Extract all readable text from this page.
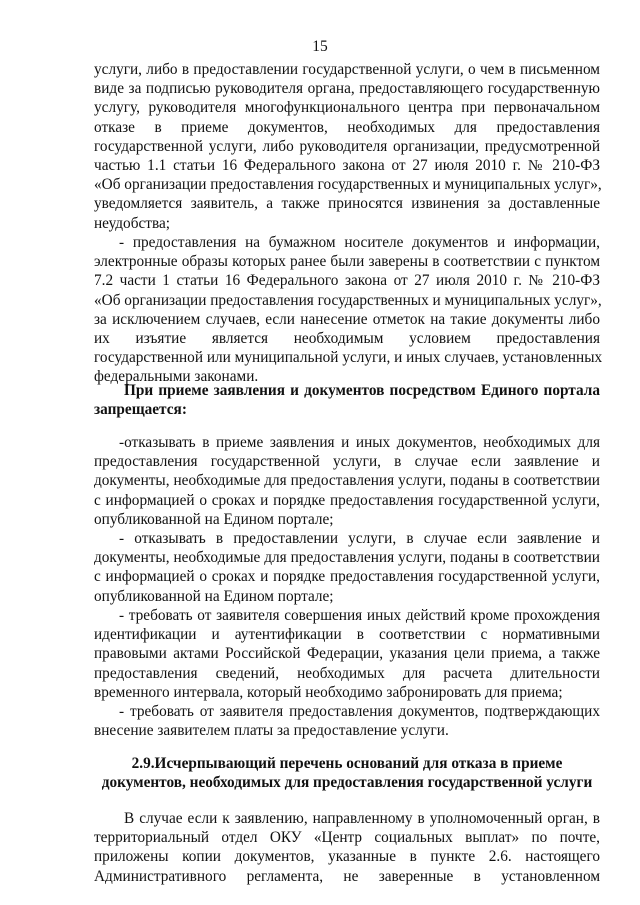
15
услуги, либо в предоставлении государственной услуги, о чем в письменном
виде за подписью руководителя органа, предоставляющего государственную
услугу, руководителя многофункционального центра при первоначальном
отказе в приеме документов, необходимых для предоставления
государственной услуги, либо руководителя организации, предусмотренной
частью 1.1 статьи 16 Федерального закона от 27 июля 2010 г. № 210-ФЗ
«Об организации предоставления государственных и муниципальных услуг»,
уведомляется заявитель, а также приносятся извинения за доставленные
неудобства;
- предоставления на бумажном носителе документов и информации,
электронные образы которых ранее были заверены в соответствии с пунктом
7.2 части 1 статьи 16 Федерального закона от 27 июля 2010 г. № 210-ФЗ
«Об организации предоставления государственных и муниципальных услуг»,
за исключением случаев, если нанесение отметок на такие документы либо
их изъятие является необходимым условием предоставления
государственной или муниципальной услуги, и иных случаев, установленных
федеральными законами.
При приеме заявления и документов посредством Единого портала
запрещается:
-отказывать в приеме заявления и иных документов, необходимых для
предоставления государственной услуги, в случае если заявление и
документы, необходимые для предоставления услуги, поданы в соответствии
с информацией о сроках и порядке предоставления государственной услуги,
опубликованной на Едином портале;
- отказывать в предоставлении услуги, в случае если заявление и
документы, необходимые для предоставления услуги, поданы в соответствии
с информацией о сроках и порядке предоставления государственной услуги,
опубликованной на Едином портале;
- требовать от заявителя совершения иных действий кроме прохождения
идентификации и аутентификации в соответствии с нормативными
правовыми актами Российской Федерации, указания цели приема, а также
предоставления сведений, необходимых для расчета длительности
временного интервала, который необходимо забронировать для приема;
- требовать от заявителя предоставления документов, подтверждающих
внесение заявителем платы за предоставление услуги.
2.9.Исчерпывающий перечень оснований для отказа в приеме
документов, необходимых для предоставления государственной услуги
В случае если к заявлению, направленному в уполномоченный орган, в
территориальный отдел ОКУ «Центр социальных выплат» по почте,
приложены копии документов, указанные в пункте 2.6. настоящего
Административного регламента, не заверенные в установленном
